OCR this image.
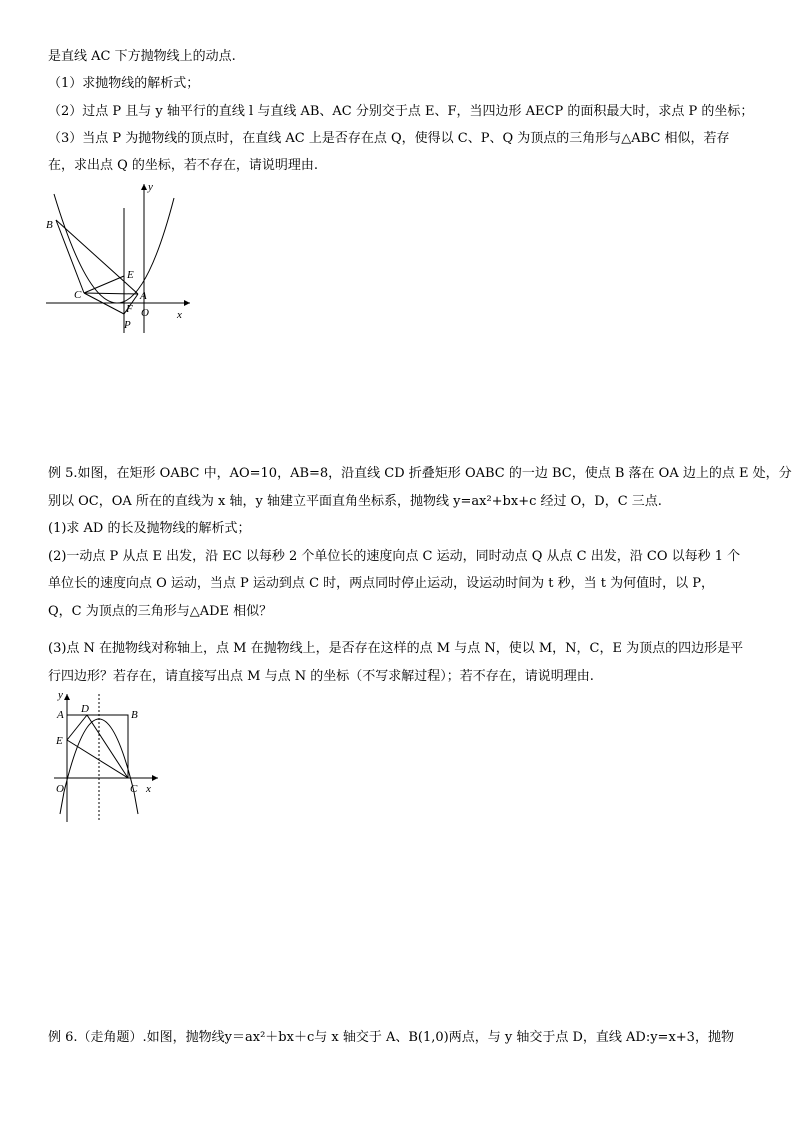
是直线 AC 下方抛物线上的动点.
（1）求抛物线的解析式；
（2）过点 P 且与 y 轴平行的直线 l 与直线 AB、AC 分别交于点 E、F，当四边形 AECP 的面积最大时，求点 P 的坐标；
（3）当点 P 为抛物线的顶点时，在直线 AC 上是否存在点 Q，使得以 C、P、Q 为顶点的三角形与△ABC 相似，若存
在，求出点 Q 的坐标，若不存在，请说明理由.
B
y
E
C	A
F O
P
x
例 5.如图，在矩形 OABC 中，AO=10，AB=8，沿直线 CD 折叠矩形 OABC 的一边 BC，使点 B 落在 OA 边上的点 E 处，分
别以 OC，OA 所在的直线为 x 轴，y 轴建立平面直角坐标系，抛物线 y=ax²+bx+c 经过 O，D，C 三点.
(1)求 AD 的长及抛物线的解析式；
(2)一动点 P 从点 E 出发，沿 EC 以每秒 2 个单位长的速度向点 C 运动，同时动点 Q 从点 C 出发，沿 CO 以每秒 1 个
单位长的速度向点 O 运动，当点 P 运动到点 C 时，两点同时停止运动，设运动时间为 t 秒，当 t 为何值时，以 P，
Q，C 为顶点的三角形与△ADE 相似？
(3)点 N 在抛物线对称轴上，点 M 在抛物线上，是否存在这样的点 M 与点 N，使以 M，N，C，E 为顶点的四边形是平
行四边形？若存在，请直接写出点 M 与点 N 的坐标（不写求解过程）；若不存在，请说明理由.
y
A D	B
E
O	C x
例 6.（走角题）.如图，抛物线y＝ax²＋bx＋c与 x 轴交于 A、B(1,0)两点，与 y 轴交于点 D，直线 AD:y=x+3，抛物
